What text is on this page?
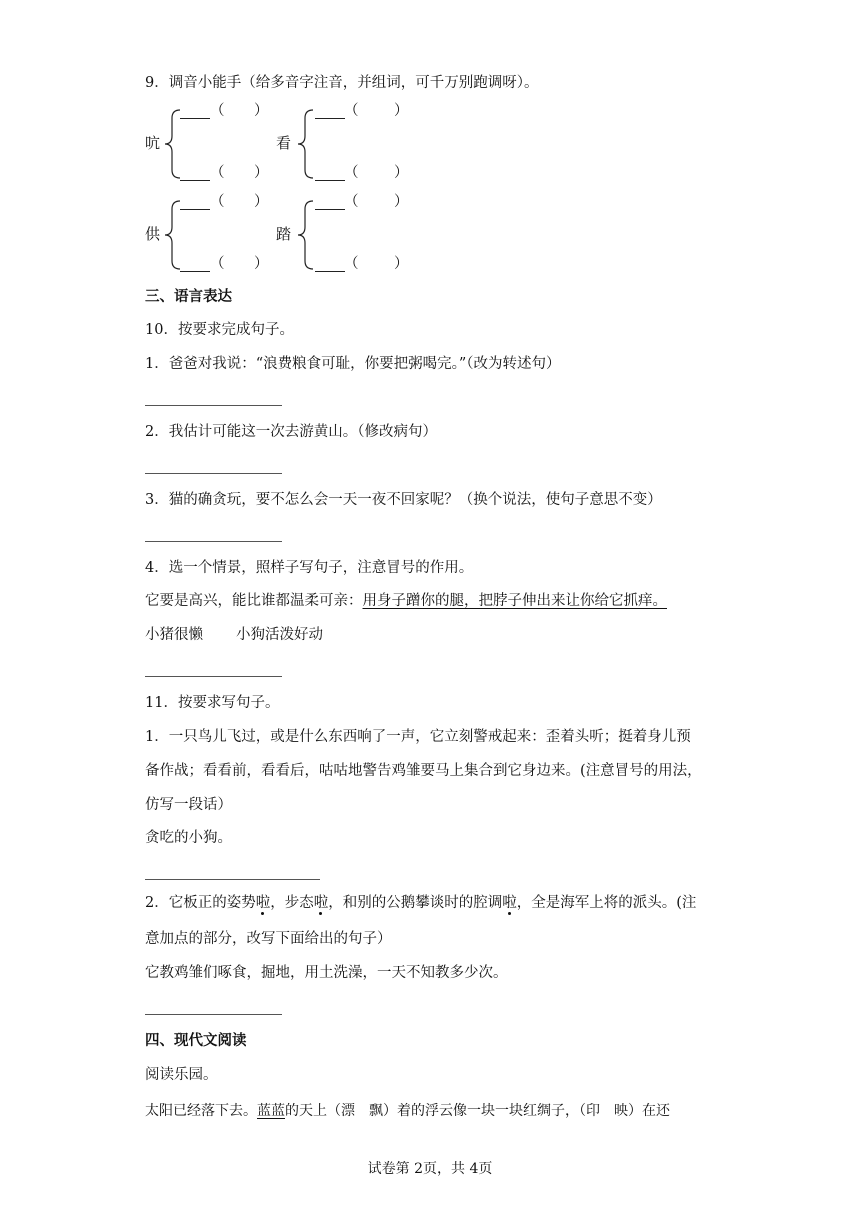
9．调音小能手（给多音字注音，并组词，可千万别跑调呀）。
吭
（ ）
（ ）
看
（ ）
（ ）
供
（ ）
（ ）
踏
（ ）
（ ）
三、语言表达
10．按要求完成句子。
1．爸爸对我说：“浪费粮食可耻，你要把粥喝完。”（改为转述句）
2．我估计可能这一次去游黄山。（修改病句）
3．猫的确贪玩，要不怎么会一天一夜不回家呢？（换个说法，使句子意思不变）
4．选一个情景，照样子写句子，注意冒号的作用。
它要是高兴，能比谁都温柔可亲：用身子蹭你的腿，把脖子伸出来让你给它抓痒。
小猪很懒 小狗活泼好动
11．按要求写句子。
1．一只鸟儿飞过，或是什么东西响了一声，它立刻警戒起来：歪着头听；挺着身儿预
备作战；看看前，看看后，咕咕地警告鸡雏要马上集合到它身边来。(注意冒号的用法，
仿写一段话）
贪吃的小狗。
2．它板正的姿势啦，步态啦，和别的公鹅攀谈时的腔调啦，全是海军上将的派头。(注
意加点的部分，改写下面给出的句子）
它教鸡雏们啄食，掘地，用土洗澡，一天不知教多少次。
四、现代文阅读
阅读乐园。
太阳已经落下去。蓝蓝的天上（漂　飘）着的浮云像一块一块红绸子，（印　映）在还
试卷第 2页，共 4页
